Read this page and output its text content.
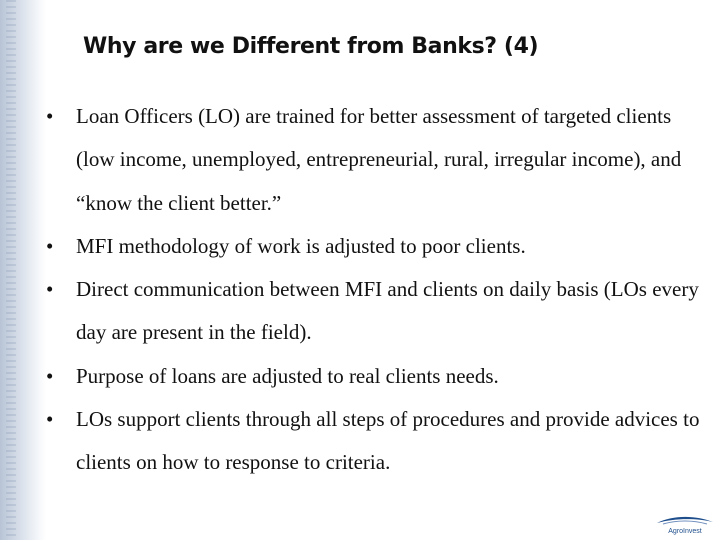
Why are we Different from Banks? (4)
•	Loan Officers (LO) are trained for better assessment of targeted clients (low income, unemployed, entrepreneurial, rural, irregular income), and “know the client better.”
•	MFI methodology of work is adjusted to poor clients.
•	Direct communication between MFI and clients on daily basis (LOs every day are present in the field).
•	Purpose of loans are adjusted to real clients needs.
•	LOs support clients through all steps of procedures and provide advices to clients on how to response to criteria.
AgroInvest
